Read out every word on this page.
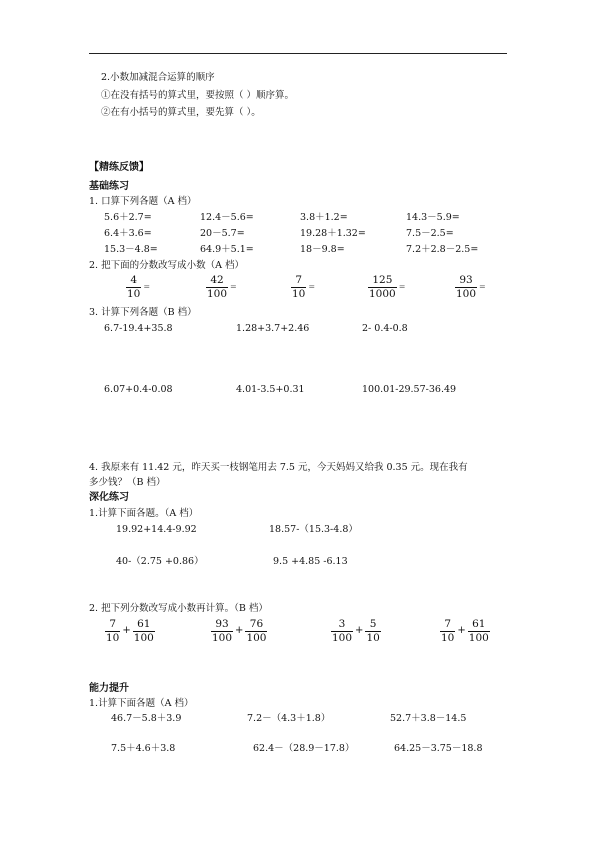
2.小数加减混合运算的顺序
①在没有括号的算式里，要按照（ ）顺序算。
②在有小括号的算式里，要先算（ ）。
【精练反馈】
基础练习
1. 口算下列各题（A 档）
5.6＋2.7=	12.4－5.6=	3.8＋1.2=	14.3－5.9=
6.4＋3.6=	20－5.7=	19.28＋1.32=	7.5－2.5=
15.3－4.8=	64.9＋5.1=	18－9.8=	7.2＋2.8－2.5=
2. 把下面的分数改写成小数（A 档）
$\frac{4}{10}$ =	$\frac{42}{100}$ =	$\frac{7}{10}$ =	$\frac{125}{1000}$ =	$\frac{93}{100}$ =
3. 计算下列各题（B 档）
6.7-19.4+35.8	1.28+3.7+2.46	2- 0.4-0.8
6.07+0.4-0.08	4.01-3.5+0.31	100.01-29.57-36.49
4. 我原来有 11.42 元，昨天买一枝钢笔用去 7.5 元，今天妈妈又给我 0.35 元。现在我有
多少钱？（B 档）
深化练习
1.计算下面各题。（A 档）
19.92+14.4-9.92	18.57-（15.3-4.8）
40-（2.75 +0.86）	9.5 +4.85 -6.13
2. 把下列分数改写成小数再计算。（B 档）
$\frac{7}{10} + \frac{61}{100}$	$\frac{93}{100} + \frac{76}{100}$	$\frac{3}{100} + \frac{5}{10}$	$\frac{7}{10} + \frac{61}{100}$
能力提升
1.计算下面各题（A 档）
46.7－5.8＋3.9	7.2－（4.3＋1.8）	52.7＋3.8－14.5
7.5＋4.6＋3.8	62.4－（28.9－17.8）	64.25－3.75－18.8
